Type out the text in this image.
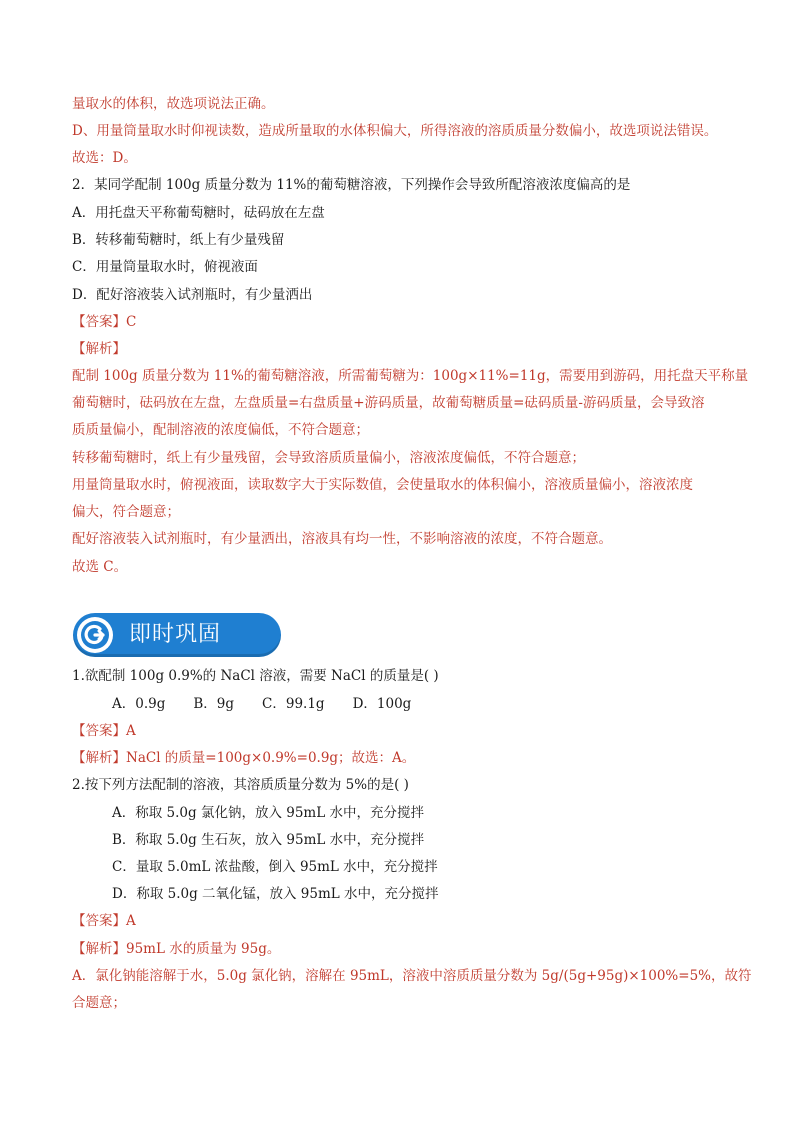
量取水的体积，故选项说法正确。
D、用量筒量取水时仰视读数，造成所量取的水体积偏大，所得溶液的溶质质量分数偏小，故选项说法错误。
故选：D。
2．某同学配制 100g 质量分数为 11%的葡萄糖溶液，下列操作会导致所配溶液浓度偏高的是
A．用托盘天平称葡萄糖时，砝码放在左盘
B．转移葡萄糖时，纸上有少量残留
C．用量筒量取水时，俯视液面
D．配好溶液装入试剂瓶时，有少量洒出
【答案】C
【解析】
配制 100g 质量分数为 11%的葡萄糖溶液，所需葡萄糖为：100g×11%=11g，需要用到游码，用托盘天平称量
葡萄糖时，砝码放在左盘，左盘质量=右盘质量+游码质量，故葡萄糖质量=砝码质量-游码质量，会导致溶
质质量偏小，配制溶液的浓度偏低，不符合题意；
转移葡萄糖时，纸上有少量残留，会导致溶质质量偏小，溶液浓度偏低，不符合题意；
用量筒量取水时，俯视液面，读取数字大于实际数值，会使量取水的体积偏小，溶液质量偏小，溶液浓度
偏大，符合题意；
配好溶液装入试剂瓶时，有少量洒出，溶液具有均一性，不影响溶液的浓度，不符合题意。
故选 C。
即时巩固
1.欲配制 100g 0.9%的 NaCl 溶液，需要 NaCl 的质量是( )
A．0.9g B．9g C．99.1g D．100g
【答案】A
【解析】NaCl 的质量=100g×0.9%=0.9g；故选：A。
2.按下列方法配制的溶液，其溶质质量分数为 5%的是( )
A．称取 5.0g 氯化钠，放入 95mL 水中，充分搅拌
B．称取 5.0g 生石灰，放入 95mL 水中，充分搅拌
C．量取 5.0mL 浓盐酸，倒入 95mL 水中，充分搅拌
D．称取 5.0g 二氧化锰，放入 95mL 水中，充分搅拌
【答案】A
【解析】95mL 水的质量为 95g。
A．氯化钠能溶解于水，5.0g 氯化钠，溶解在 95mL，溶液中溶质质量分数为 5g/(5g+95g)×100%=5%，故符
合题意；
